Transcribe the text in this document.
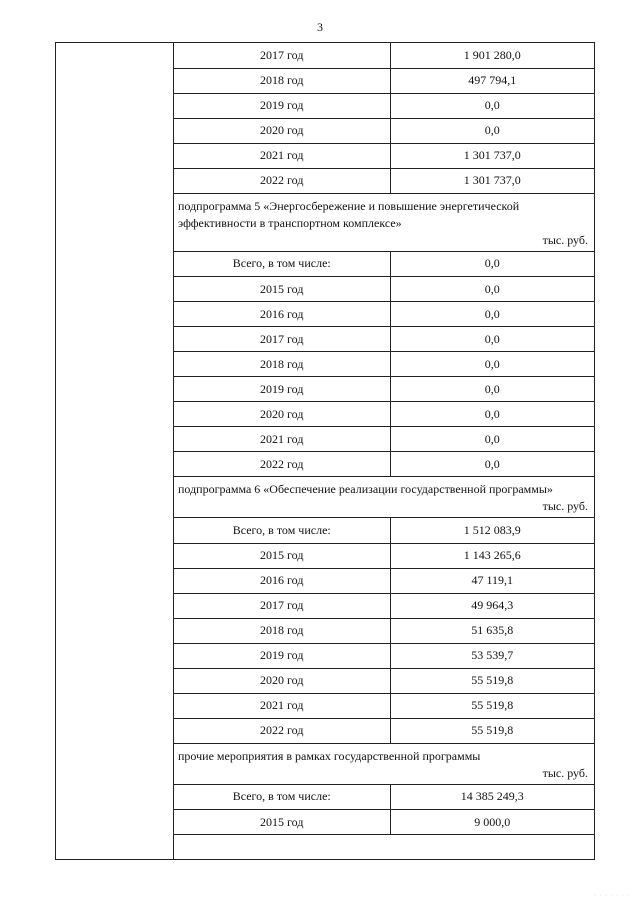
3
2017 год	1 901 280,0
2018 год	497 794,1
2019 год	0,0
2020 год	0,0
2021 год	1 301 737,0
2022 год	1 301 737,0
подпрограмма 5 «Энергосбережение и повышение энергетической эффективности в транспортном комплексе»
тыс. руб.
Всего, в том числе:	0,0
2015 год	0,0
2016 год	0,0
2017 год	0,0
2018 год	0,0
2019 год	0,0
2020 год	0,0
2021 год	0,0
2022 год	0,0
подпрограмма 6 «Обеспечение реализации государственной программы»
тыс. руб.
Всего, в том числе:	1 512 083,9
2015 год	1 143 265,6
2016 год	47 119,1
2017 год	49 964,3
2018 год	51 635,8
2019 год	53 539,7
2020 год	55 519,8
2021 год	55 519,8
2022 год	55 519,8
прочие мероприятия в рамках государственной программы
тыс. руб.
Всего, в том числе:	14 385 249,3
2015 год	9 000,0
· · · · · · ·
